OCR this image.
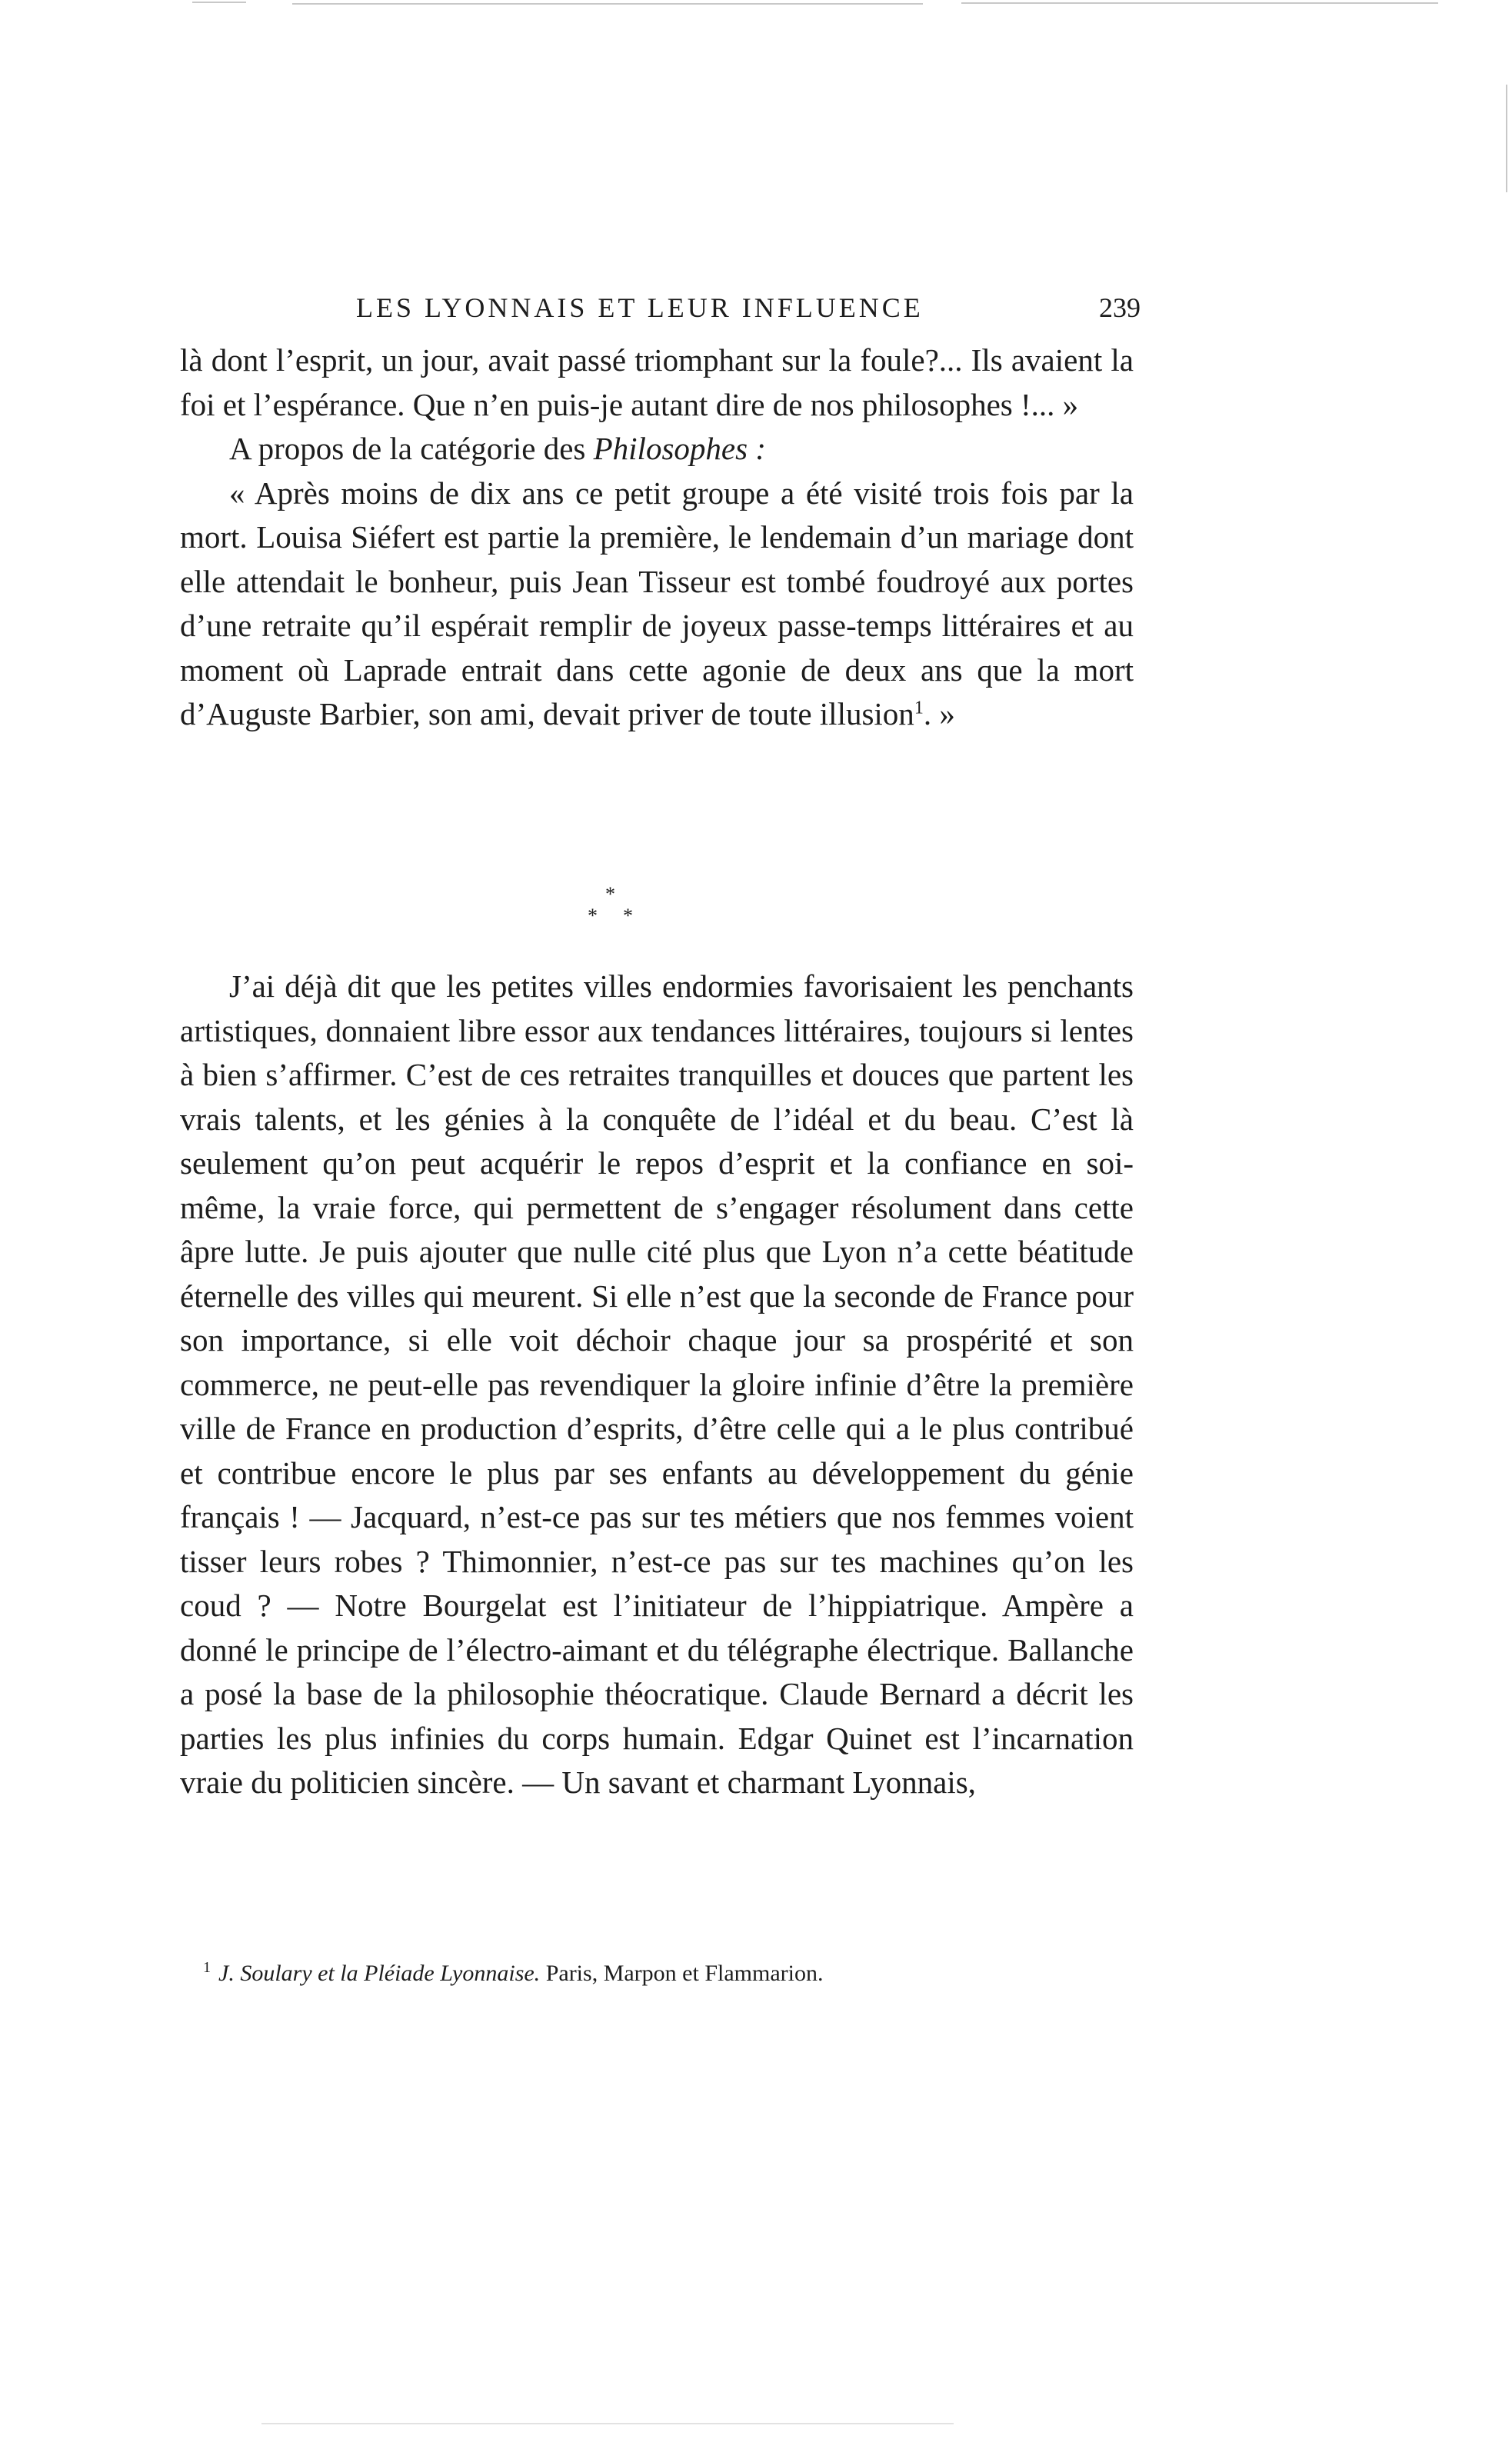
LES LYONNAIS ET LEUR INFLUENCE	239

là dont l’esprit, un jour, avait passé triomphant sur la foule?... Ils avaient la foi et l’espérance. Que n’en puis-je autant dire de nos philosophes !... »

A propos de la catégorie des Philosophes :

« Après moins de dix ans ce petit groupe a été visité trois fois par la mort. Louisa Siéfert est partie la première, le lendemain d’un mariage dont elle attendait le bonheur, puis Jean Tisseur est tombé foudroyé aux portes d’une retraite qu’il espérait remplir de joyeux passe-temps littéraires et au moment où Laprade entrait dans cette agonie de deux ans que la mort d’Auguste Barbier, son ami, devait priver de toute illusion$^1$. »

*
* *

J’ai déjà dit que les petites villes endormies favorisaient les penchants artistiques, donnaient libre essor aux tendances littéraires, toujours si lentes à bien s’affirmer. C’est de ces retraites tranquilles et douces que partent les vrais talents, et les génies à la conquête de l’idéal et du beau. C’est là seulement qu’on peut acquérir le repos d’esprit et la confiance en soi-même, la vraie force, qui permettent de s’engager résolument dans cette âpre lutte. Je puis ajouter que nulle cité plus que Lyon n’a cette béatitude éternelle des villes qui meurent. Si elle n’est que la seconde de France pour son importance, si elle voit déchoir chaque jour sa prospérité et son commerce, ne peut-elle pas revendiquer la gloire infinie d’être la première ville de France en production d’esprits, d’être celle qui a le plus contribué et contribue encore le plus par ses enfants au développement du génie français ! — Jacquard, n’est-ce pas sur tes métiers que nos femmes voient tisser leurs robes ? Thimonnier, n’est-ce pas sur tes machines qu’on les coud ? — Notre Bourgelat est l’initiateur de l’hippiatrique. Ampère a donné le principe de l’électro-aimant et du télégraphe électrique. Ballanche a posé la base de la philosophie théocratique. Claude Bernard a décrit les parties les plus infinies du corps humain. Edgar Quinet est l’incarnation vraie du politicien sincère. — Un savant et charmant Lyonnais,

$^1$ J. Soulary et la Pléiade Lyonnaise. Paris, Marpon et Flammarion.
